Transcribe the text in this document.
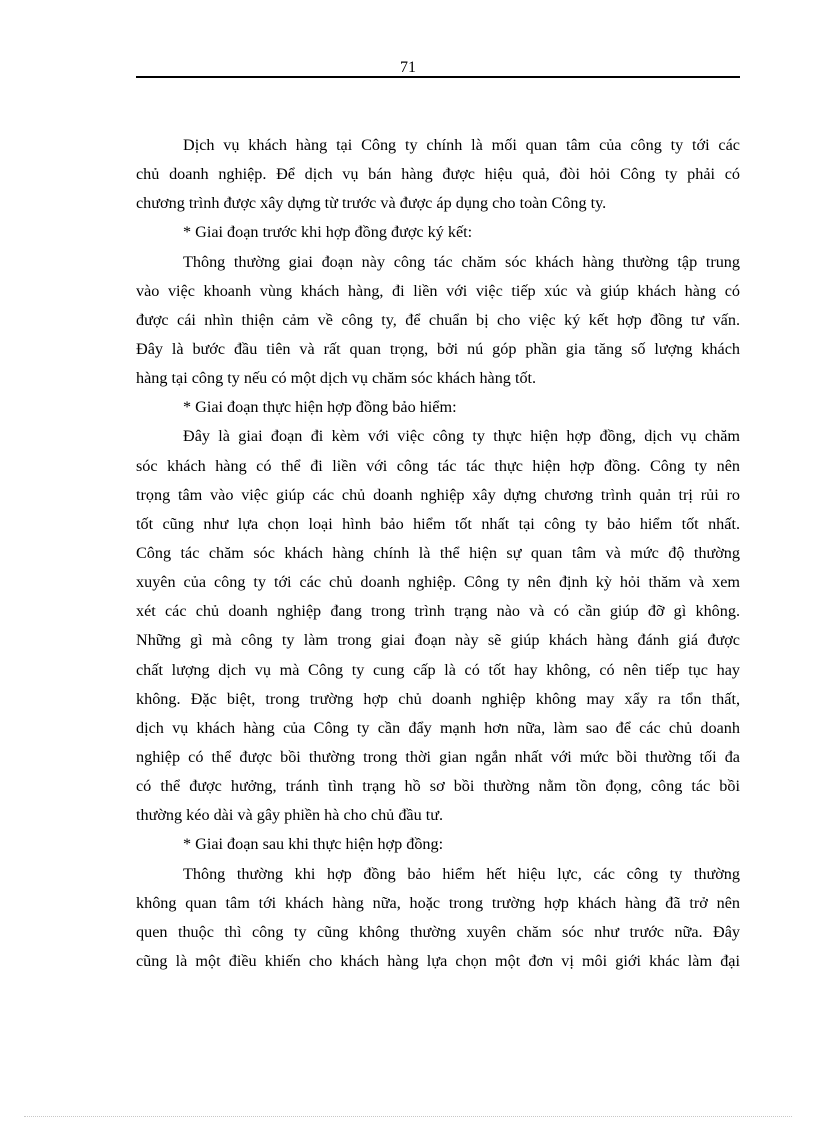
71
Dịch vụ khách hàng tại Công ty chính là mối quan tâm của công ty tới các
chủ doanh nghiệp. Để dịch vụ bán hàng được hiệu quả, đòi hỏi Công ty phải có
chương trình được xây dựng từ trước và được áp dụng cho toàn Công ty.
* Giai đoạn trước khi hợp đồng được ký kết:
Thông thường giai đoạn này công tác chăm sóc khách hàng thường tập trung
vào việc khoanh vùng khách hàng, đi liền với việc tiếp xúc và giúp khách hàng có
được cái nhìn thiện cảm về công ty, để chuẩn bị cho việc ký kết hợp đồng tư vấn.
Đây là bước đầu tiên và rất quan trọng, bởi nú góp phần gia tăng số lượng khách
hàng tại công ty nếu có một dịch vụ chăm sóc khách hàng tốt.
* Giai đoạn thực hiện hợp đồng bảo hiểm:
Đây là giai đoạn đi kèm với việc công ty thực hiện hợp đồng, dịch vụ chăm
sóc khách hàng có thể đi liền với công tác tác thực hiện hợp đồng. Công ty nên
trọng tâm vào việc giúp các chủ doanh nghiệp xây dựng chương trình quản trị rủi ro
tốt cũng như lựa chọn loại hình bảo hiểm tốt nhất tại công ty bảo hiểm tốt nhất.
Công tác chăm sóc khách hàng chính là thể hiện sự quan tâm và mức độ thường
xuyên của công ty tới các chủ doanh nghiệp. Công ty nên định kỳ hỏi thăm và xem
xét các chủ doanh nghiệp đang trong trình trạng nào và có cần giúp đỡ gì không.
Những gì mà công ty làm trong giai đoạn này sẽ giúp khách hàng đánh giá được
chất lượng dịch vụ mà Công ty cung cấp là có tốt hay không, có nên tiếp tục hay
không. Đặc biệt, trong trường hợp chủ doanh nghiệp không may xẩy ra tổn thất,
dịch vụ khách hàng của Công ty cần đẩy mạnh hơn nữa, làm sao để các chủ doanh
nghiệp có thể được bồi thường trong thời gian ngắn nhất với mức bồi thường tối đa
có thể được hưởng, tránh tình trạng hồ sơ bồi thường nằm tồn đọng, công tác bồi
thường kéo dài và gây phiền hà cho chủ đầu tư.
* Giai đoạn sau khi thực hiện hợp đồng:
Thông thường khi hợp đồng bảo hiểm hết hiệu lực, các công ty thường
không quan tâm tới khách hàng nữa, hoặc trong trường hợp khách hàng đã trở nên
quen thuộc thì công ty cũng không thường xuyên chăm sóc như trước nữa. Đây
cũng là một điều khiến cho khách hàng lựa chọn một đơn vị môi giới khác làm đại
